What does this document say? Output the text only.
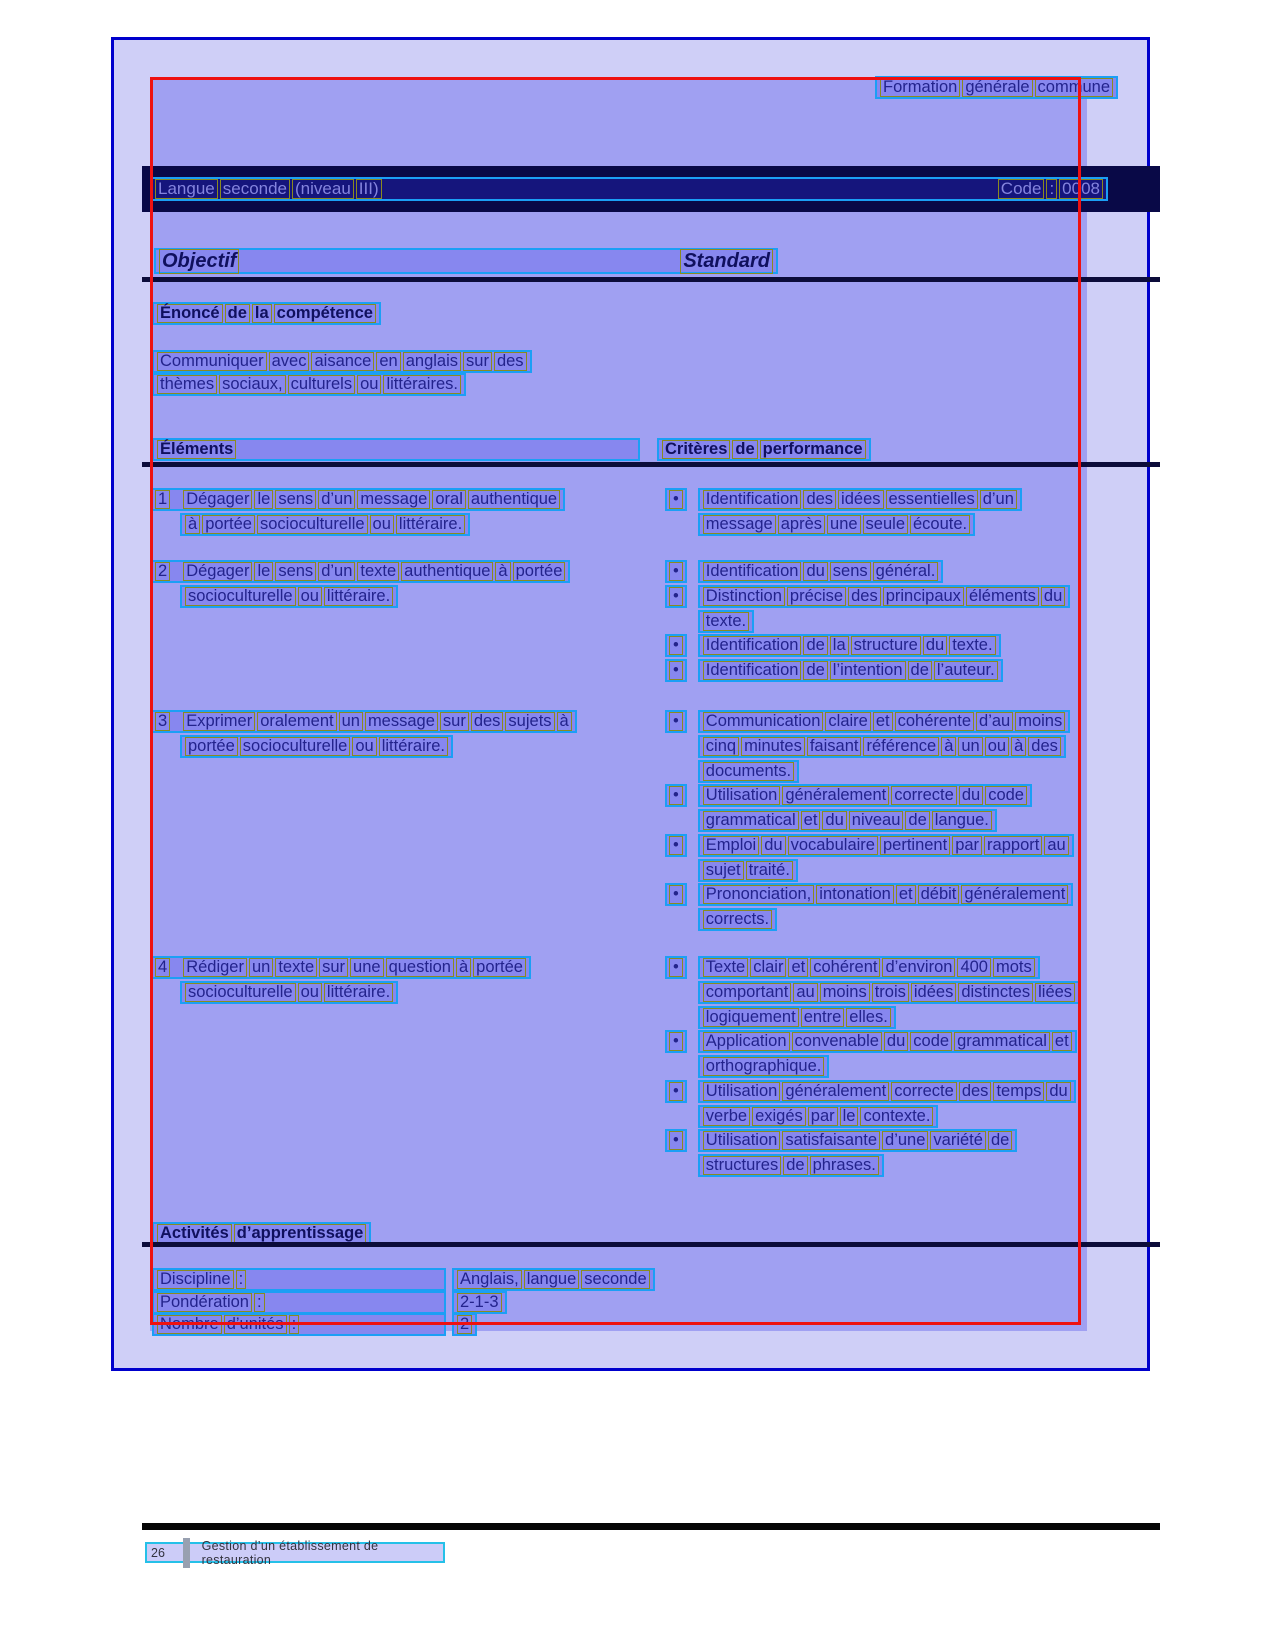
Formation générale commune
Langue seconde (niveau III)	Code : 0008
Objectif	Standard
Énoncé de la compétence
Communiquer avec aisance en anglais sur des
thèmes sociaux, culturels ou littéraires.
Éléments	Critères de performance
1 Dégager le sens d’un message oral authentique
à portée socioculturelle ou littéraire.
•	Identification des idées essentielles d’un
message après une seule écoute.
2 Dégager le sens d’un texte authentique à portée
socioculturelle ou littéraire.
•	Identification du sens général.
•	Distinction précise des principaux éléments du
texte.
•	Identification de la structure du texte.
•	Identification de l’intention de l’auteur.
3 Exprimer oralement un message sur des sujets à
portée socioculturelle ou littéraire.
•	Communication claire et cohérente d’au moins
cinq minutes faisant référence à un ou à des
documents.
•	Utilisation généralement correcte du code
grammatical et du niveau de langue.
•	Emploi du vocabulaire pertinent par rapport au
sujet traité.
•	Prononciation, intonation et débit généralement
corrects.
4 Rédiger un texte sur une question à portée
socioculturelle ou littéraire.
•	Texte clair et cohérent d’environ 400 mots
comportant au moins trois idées distinctes liées
logiquement entre elles.
•	Application convenable du code grammatical et
orthographique.
•	Utilisation généralement correcte des temps du
verbe exigés par le contexte.
•	Utilisation satisfaisante d’une variété de
structures de phrases.
Activités d’apprentissage
Discipline :	Anglais, langue seconde
Pondération :	2-1-3
Nombre d’unités :	2
26	Gestion d’un établissement de restauration
